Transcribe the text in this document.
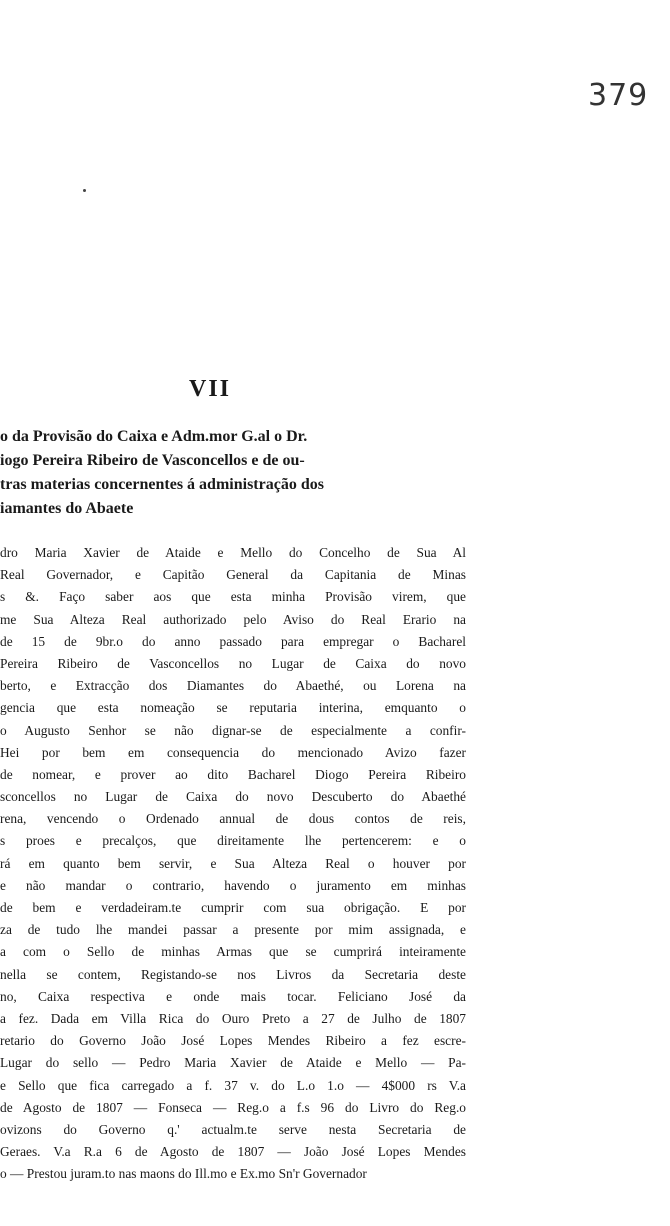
379
VII
o da Provisão do Caixa e Adm.mor G.al o Dr.
iogo Pereira Ribeiro de Vasconcellos e de ou-
tras materias concernentes á administração dos
iamantes do Abaete
dro Maria Xavier de Ataide e Mello do Concelho de Sua Al
Real Governador, e Capitão General da Capitania de Minas
s &. Faço saber aos que esta minha Provisão virem, que
me Sua Alteza Real authorizado pelo Aviso do Real Erario na
de 15 de 9br.o do anno passado para empregar o Bacharel
Pereira Ribeiro de Vasconcellos no Lugar de Caixa do novo
berto, e Extracção dos Diamantes do Abaethé, ou Lorena na
gencia que esta nomeação se reputaria interina, emquanto o
o Augusto Senhor se não dignar-se de especialmente a confir-
Hei por bem em consequencia do mencionado Avizo fazer
de nomear, e prover ao dito Bacharel Diogo Pereira Ribeiro
sconcellos no Lugar de Caixa do novo Descuberto do Abaethé
rena, vencendo o Ordenado annual de dous contos de reis,
s proes e precalços, que direitamente lhe pertencerem: e o
rá em quanto bem servir, e Sua Alteza Real o houver por
e não mandar o contrario, havendo o juramento em minhas
de bem e verdadeiram.te cumprir com sua obrigação. E por
za de tudo lhe mandei passar a presente por mim assignada, e
a com o Sello de minhas Armas que se cumprirá inteiramente
nella se contem, Registando-se nos Livros da Secretaria deste
no, Caixa respectiva e onde mais tocar. Feliciano José da
a fez. Dada em Villa Rica do Ouro Preto a 27 de Julho de 1807
retario do Governo João José Lopes Mendes Ribeiro a fez escre-
Lugar do sello — Pedro Maria Xavier de Ataide e Mello — Pa-
e Sello que fica carregado a f. 37 v. do L.o 1.o — 4$000 rs V.a
de Agosto de 1807 — Fonseca — Reg.o a f.s 96 do Livro do Reg.o
ovizons do Governo q.' actualm.te serve nesta Secretaria de
Geraes. V.a R.a 6 de Agosto de 1807 — João José Lopes Mendes
o — Prestou juram.to nas maons do Ill.mo e Ex.mo Sn'r Governador
